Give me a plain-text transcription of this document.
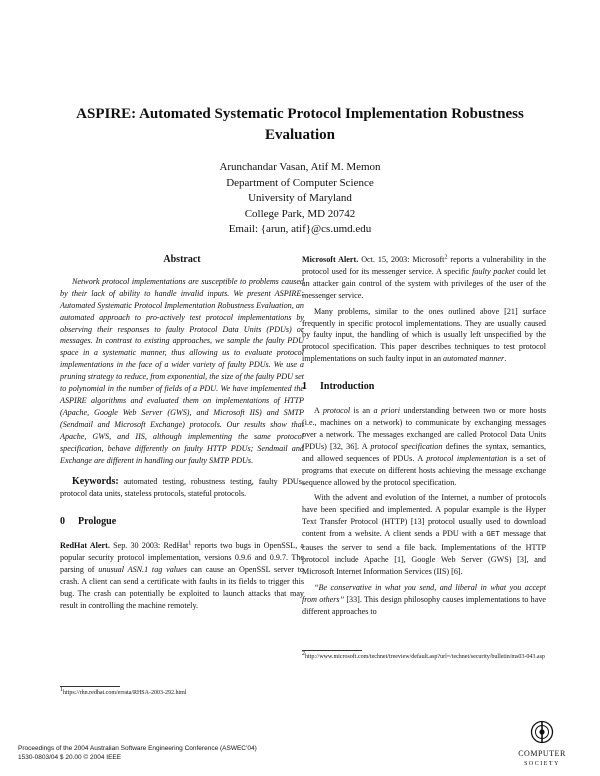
ASPIRE: Automated Systematic Protocol Implementation Robustness Evaluation
Arunchandar Vasan, Atif M. Memon
Department of Computer Science
University of Maryland
College Park, MD 20742
Email: {arun, atif}@cs.umd.edu
Abstract

Network protocol implementations are susceptible to problems caused by their lack of ability to handle invalid inputs. We present ASPIRE: Automated Systematic Protocol Implementation Robustness Evaluation, an automated approach to pro-actively test protocol implementations by observing their responses to faulty Protocol Data Units (PDUs) or messages. In contrast to existing approaches, we sample the faulty PDU space in a systematic manner, thus allowing us to evaluate protocol implementations in the face of a wider variety of faulty PDUs. We use a pruning strategy to reduce, from exponential, the size of the faulty PDU set to polynomial in the number of fields of a PDU. We have implemented the ASPIRE algorithms and evaluated them on implementations of HTTP (Apache, Google Web Server (GWS), and Microsoft IIS) and SMTP (Sendmail and Microsoft Exchange) protocols. Our results show that Apache, GWS, and IIS, although implementing the same protocol specification, behave differently on faulty HTTP PDUs; Sendmail and Exchange are different in handling our faulty SMTP PDUs.

Keywords: automated testing, robustness testing, faulty PDUs, protocol data units, stateless protocols, stateful protocols.

0 Prologue

RedHat Alert. Sep. 30 2003: RedHat$^1$ reports two bugs in OpenSSL, a popular security protocol implementation, versions 0.9.6 and 0.9.7. The parsing of unusual ASN.1 tag values can cause an OpenSSL server to crash. A client can send a certificate with faults in its fields to trigger this bug. The crash can potentially be exploited to launch attacks that may result in controlling the machine remotely.

Microsoft Alert. Oct. 15, 2003: Microsoft$^2$ reports a vulnerability in the protocol used for its messenger service. A specific faulty packet could let an attacker gain control of the system with privileges of the user of the messenger service.

Many problems, similar to the ones outlined above [21] surface frequently in specific protocol implementations. They are usually caused by faulty input, the handling of which is usually left unspecified by the protocol specification. This paper describes techniques to test protocol implementations on such faulty input in an automated manner.

1 Introduction

A protocol is an a priori understanding between two or more hosts (i.e., machines on a network) to communicate by exchanging messages over a network. The messages exchanged are called Protocol Data Units (PDUs) [32, 36]. A protocol specification defines the syntax, semantics, and allowed sequences of PDUs. A protocol implementation is a set of programs that execute on different hosts achieving the message exchange sequence allowed by the protocol specification.

With the advent and evolution of the Internet, a number of protocols have been specified and implemented. A popular example is the Hyper Text Transfer Protocol (HTTP) [13] protocol usually used to download content from a website. A client sends a PDU with a GET message that causes the server to send a file back. Implementations of the HTTP protocol include Apache [1], Google Web Server (GWS) [3], and Microsoft Internet Information Services (IIS) [6].

“Be conservative in what you send, and liberal in what you accept from others” [33]. This design philosophy causes implementations to have different approaches to

$^1$https://rhn.redhat.com/errata/RHSA-2003-292.html
$^2$http://www.microsoft.com/technet/treeview/default.asp?url=/technet/security/bulletin/ms03-043.asp
Proceedings of the 2004 Australian Software Engineering Conference (ASWEC’04)
1530-0803/04 $ 20.00 © 2004 IEEE	COMPUTER
SOCIETY
